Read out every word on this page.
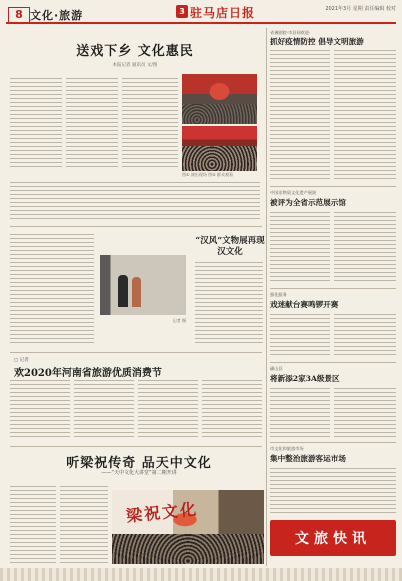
8 文化·旅游	3 驻马店日报	2021年3月 星期 责任编辑 校对
送戏下乡 文化惠民
本报记者 通讯员 文/图
图① 演出现场 图② 群众观看
“汉风”文物展再现汉文化
记者 摄
□ 记者
欢2020年河南省旅游优质消费节
听梁祝传奇 品天中文化
——“天中文化大讲堂”第二期开讲
梁祝文化
省豫剧院·市县同欢迎·
抓好疫情防控 倡导文明旅游
中国非物质文化遗产展演
被评为全省示范展示馆
强化服务
戏迷献台赛鸣锣开赛
确山县
将新添2家3A级景区
市文化和旅游市场
集中整治旅游客运市场
文旅快讯
